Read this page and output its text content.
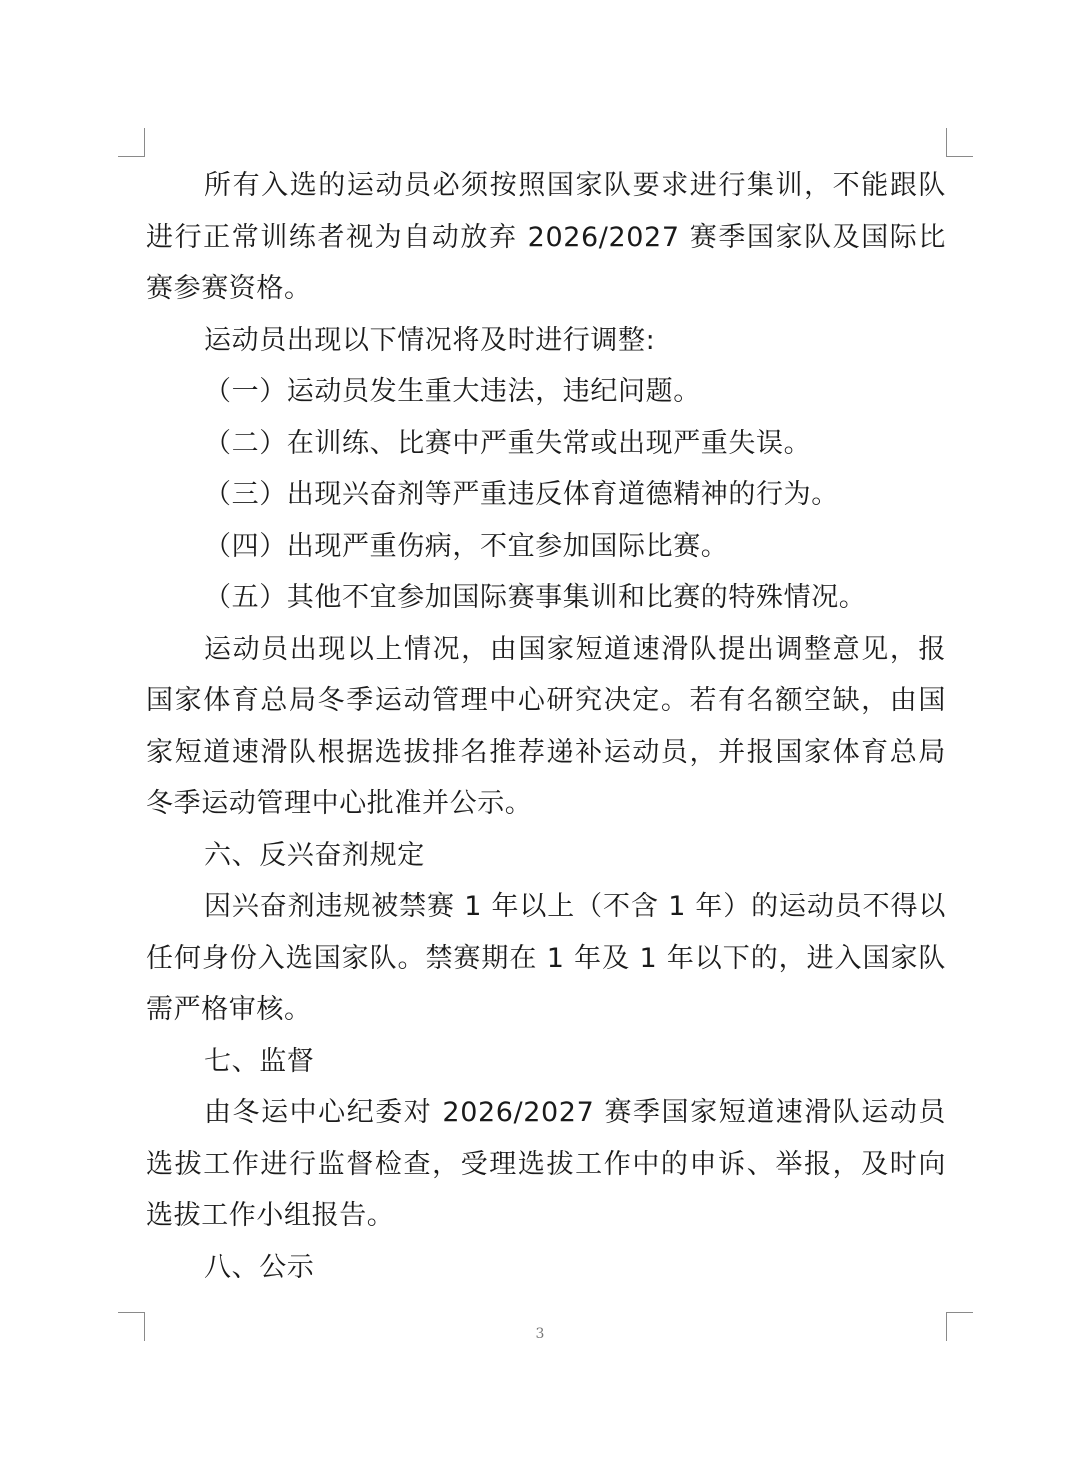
所有入选的运动员必须按照国家队要求进行集训，不能跟队进行正常训练者视为自动放弃 2026/2027 赛季国家队及国际比赛参赛资格。
运动员出现以下情况将及时进行调整:
（一）运动员发生重大违法，违纪问题。
（二）在训练、比赛中严重失常或出现严重失误。
（三）出现兴奋剂等严重违反体育道德精神的行为。
（四）出现严重伤病，不宜参加国际比赛。
（五）其他不宜参加国际赛事集训和比赛的特殊情况。
运动员出现以上情况，由国家短道速滑队提出调整意见，报国家体育总局冬季运动管理中心研究决定。若有名额空缺，由国家短道速滑队根据选拔排名推荐递补运动员，并报国家体育总局冬季运动管理中心批准并公示。
六、反兴奋剂规定
因兴奋剂违规被禁赛 1 年以上（不含 1 年）的运动员不得以任何身份入选国家队。禁赛期在 1 年及 1 年以下的，进入国家队需严格审核。
七、监督
由冬运中心纪委对 2026/2027 赛季国家短道速滑队运动员选拔工作进行监督检查，受理选拔工作中的申诉、举报，及时向选拔工作小组报告。
八、公示
3
